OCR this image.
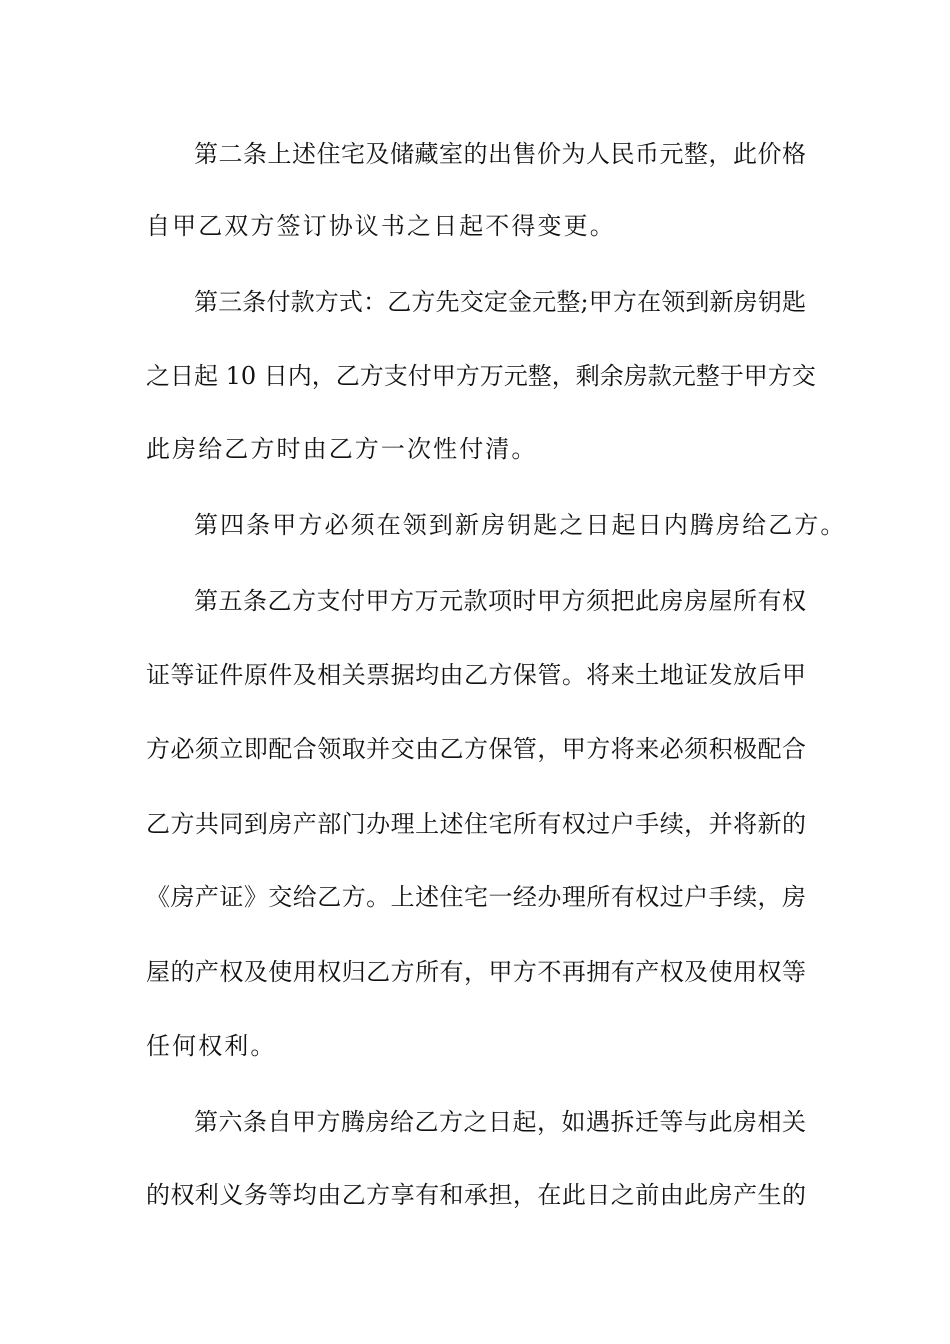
第二条上述住宅及储藏室的出售价为人民币元整，此价格
自甲乙双方签订协议书之日起不得变更。
第三条付款方式：乙方先交定金元整;甲方在领到新房钥匙
之日起 10 日内，乙方支付甲方万元整，剩余房款元整于甲方交
此房给乙方时由乙方一次性付清。
第四条甲方必须在领到新房钥匙之日起日内腾房给乙方。
第五条乙方支付甲方万元款项时甲方须把此房房屋所有权
证等证件原件及相关票据均由乙方保管。将来土地证发放后甲
方必须立即配合领取并交由乙方保管，甲方将来必须积极配合
乙方共同到房产部门办理上述住宅所有权过户手续，并将新的
《房产证》交给乙方。上述住宅一经办理所有权过户手续，房
屋的产权及使用权归乙方所有，甲方不再拥有产权及使用权等
任何权利。
第六条自甲方腾房给乙方之日起，如遇拆迁等与此房相关
的权利义务等均由乙方享有和承担，在此日之前由此房产生的
